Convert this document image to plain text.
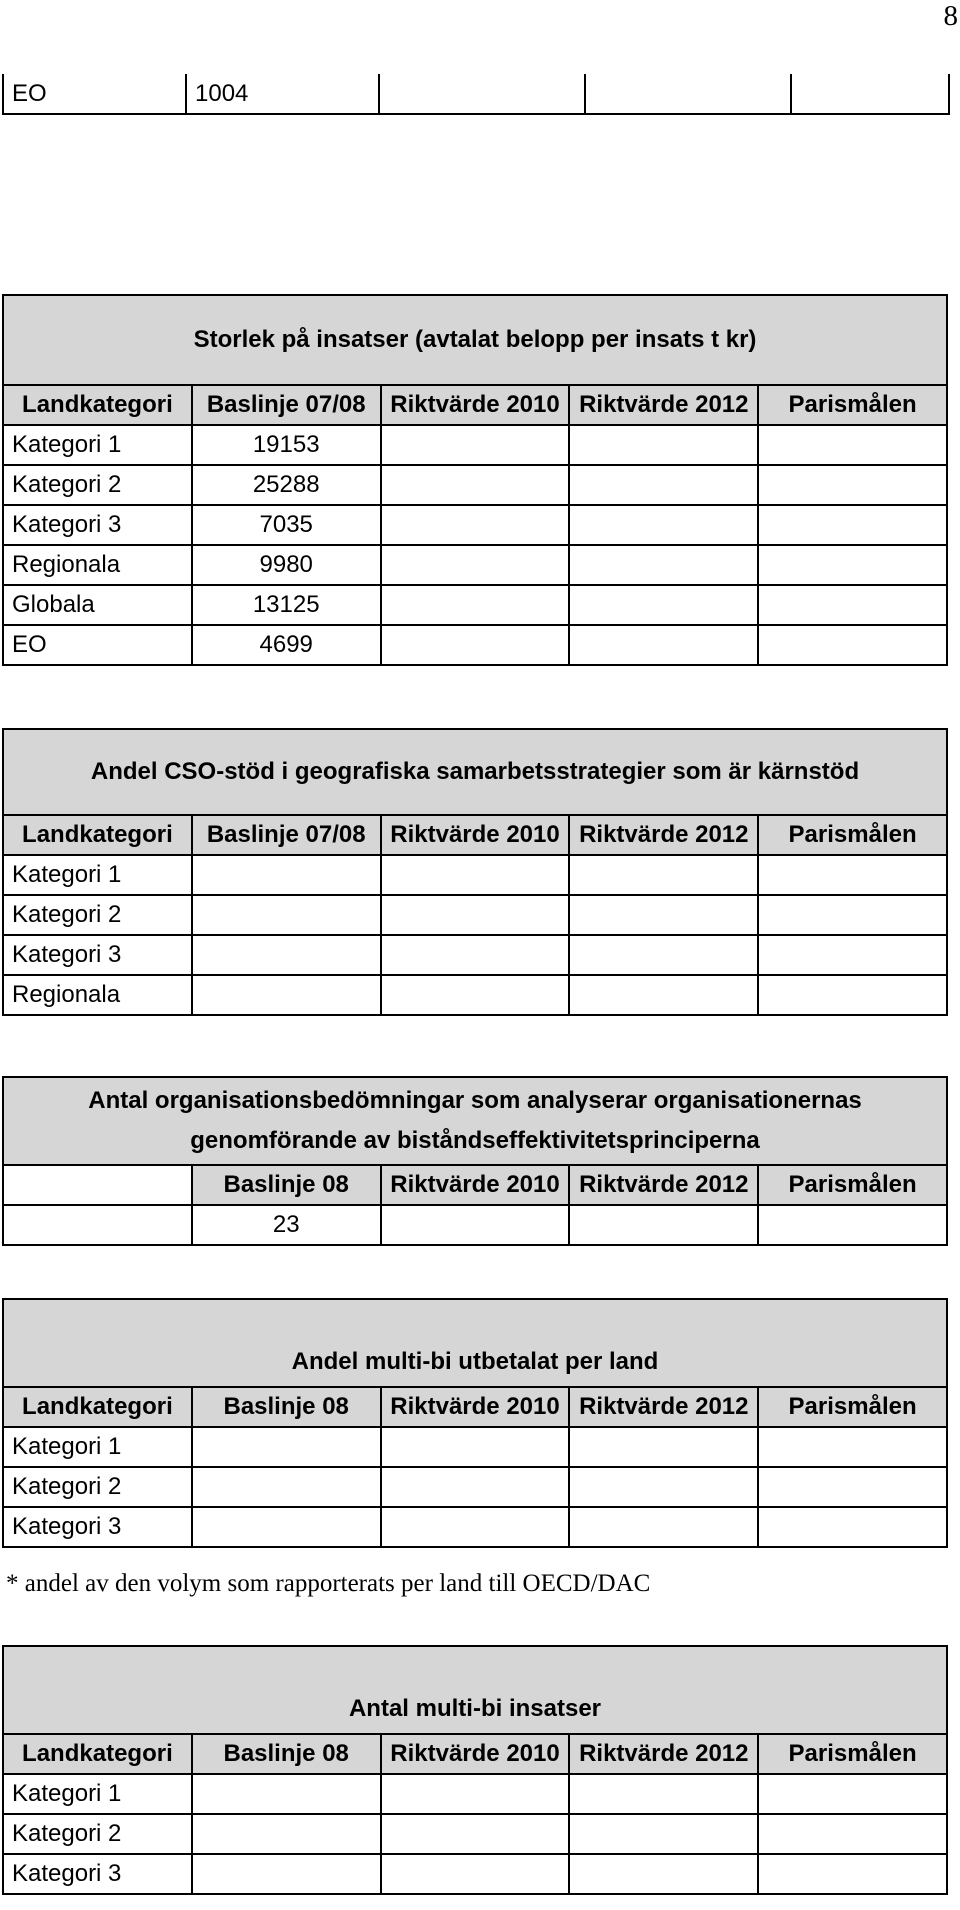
8
EO	1004			
Storlek på insatser (avtalat belopp per insats t kr)				
Landkategori	Baslinje 07/08	Riktvärde 2010	Riktvärde 2012	Parismålen
Kategori 1	19153			
Kategori 2	25288			
Kategori 3	7035			
Regionala	9980			
Globala	13125			
EO	4699			
Andel CSO-stöd i geografiska samarbetsstrategier som är kärnstöd				
Landkategori	Baslinje 07/08	Riktvärde 2010	Riktvärde 2012	Parismålen
Kategori 1				
Kategori 2				
Kategori 3				
Regionala				
Antal organisationsbedömningar som analyserar organisationernas
genomförande av biståndseffektivitetsprinciperna				

	Baslinje 08	Riktvärde 2010	Riktvärde 2012	Parismålen
	23			
Andel multi-bi utbetalat per land				
Landkategori	Baslinje 08	Riktvärde 2010	Riktvärde 2012	Parismålen
Kategori 1				
Kategori 2				
Kategori 3				
* andel av den volym som rapporterats per land till OECD/DAC
Antal multi-bi insatser				
Landkategori	Baslinje 08	Riktvärde 2010	Riktvärde 2012	Parismålen
Kategori 1				
Kategori 2				
Kategori 3				
